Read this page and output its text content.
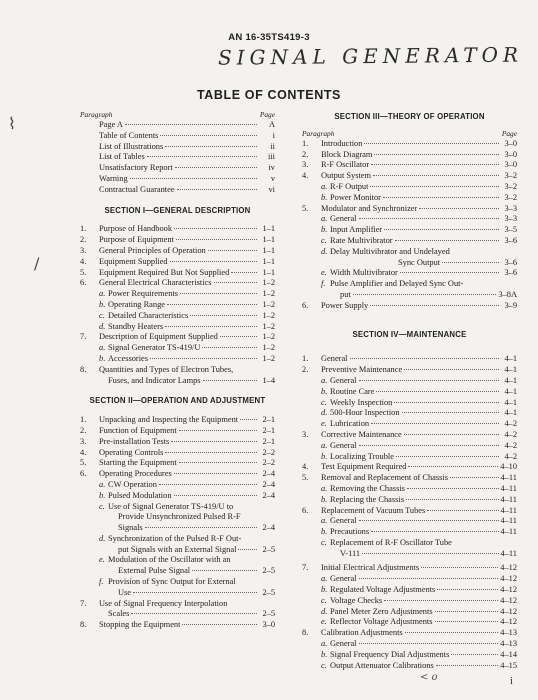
AN 16-35TS419-3
SIGNAL GENERATOR
TABLE OF CONTENTS
⌇
/
Paragraph	Page
Page A	A
Table of Contents	i
List of Illustrations	ii
List of Tables	iii
Unsatisfactory Report	iv
Warning	v
Contractual Guarantee	vi
SECTION I—GENERAL DESCRIPTION
1.	Purpose of Handbook	1–1
2.	Purpose of Equipment	1–1
3.	General Principles of Operation	1–1
4.	Equipment Supplied	1–1
5.	Equipment Required But Not Supplied	1–1
6.	General Electrical Characteristics	1–2
a. Power Requirements	1–2
b. Operating Range	1–2
c. Detailed Characteristics	1–2
d. Standby Heaters	1–2
7.	Description of Equipment Supplied	1–2
a. Signal Generator TS-419/U	1–2
b. Accessories	1–2
8.	Quantities and Types of Electron Tubes,
Fuses, and Indicator Lamps	1–4
SECTION II—OPERATION AND ADJUSTMENT
1.	Unpacking and Inspecting the Equipment	2–1
2.	Function of Equipment	2–1
3.	Pre-installation Tests	2–1
4.	Operating Controls	2–2
5.	Starting the Equipment	2–2
6.	Operating Procedures	2–4
a. CW Operation	2–4
b. Pulsed Modulation	2–4
c. Use of Signal Generator TS-419/U to
Provide Unsynchronized Pulsed R-F
Signals	2–4
d. Synchronization of the Pulsed R-F Out-
put Signals with an External Signal	2–5
e. Modulation of the Oscillator with an
External Pulse Signal	2–5
f. Provision of Sync Output for External
Use	2–5
7.	Use of Signal Frequency Interpolation
Scales	2–5
8.	Stopping the Equipment	3–0
SECTION III—THEORY OF OPERATION
Paragraph	Page
1.	Introduction	3–0
2.	Block Diagram	3–0
3.	R-F Oscillator	3–0
4.	Output System	3–2
a. R-F Output	3–2
b. Power Monitor	3–2
5.	Modulator and Synchronizer	3–3
a. General	3–3
b. Input Amplifier	3–5
c. Rate Multivibrator	3–6
d. Delay Multivibrator and Undelayed
Sync Output	3–6
e. Width Multivibrator	3–6
f. Pulse Amplifier and Delayed Sync Out-
put	3–8A
6.	Power Supply	3–9
SECTION IV—MAINTENANCE
1.	General	4–1
2.	Preventive Maintenance	4–1
a. General	4–1
b. Routine Care	4–1
c. Weekly Inspection	4–1
d. 500-Hour Inspection	4–1
e. Lubrication	4–2
3.	Corrective Maintenance	4–2
a. General	4–2
b. Localizing Trouble	4–2
4.	Test Equipment Required	4–10
5.	Removal and Replacement of Chassis	4–11
a. Removing the Chassis	4–11
b. Replacing the Chassis	4–11
6.	Replacement of Vacuum Tubes	4–11
a. General	4–11
b. Precautions	4–11
c. Replacement of R-F Oscillator Tube
V-111	4–11
7.	Initial Electrical Adjustments	4–12
a. General	4–12
b. Regulated Voltage Adjustments	4–12
c. Voltage Checks	4–12
d. Panel Meter Zero Adjustments	4–12
e. Reflector Voltage Adjustments	4–12
8.	Calibration Adjustments	4–13
a. General	4–13
b. Signal Frequency Dial Adjustments	4–14
c. Output Attenuator Calibrations	4–15
< o	i
